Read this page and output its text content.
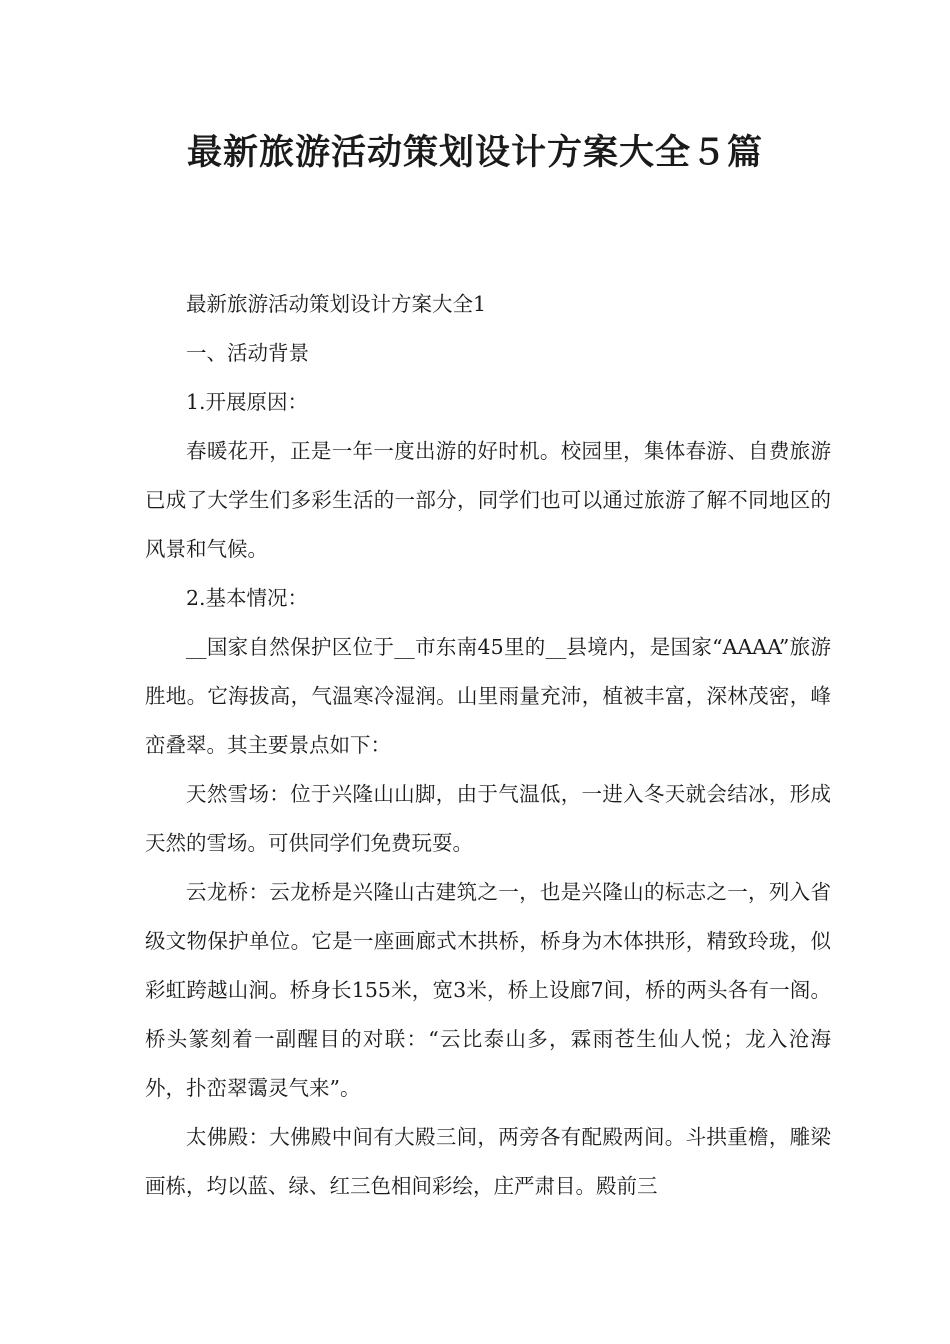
最新旅游活动策划设计方案大全５篇

最新旅游活动策划设计方案大全1

一、活动背景

1.开展原因：

春暖花开，正是一年一度出游的好时机。校园里，集体春游、自费旅游已成了大学生们多彩生活的一部分，同学们也可以通过旅游了解不同地区的风景和气候。

2.基本情况：

__国家自然保护区位于__市东南45里的__县境内，是国家“AAAA”旅游胜地。它海拔高，气温寒冷湿润。山里雨量充沛，植被丰富，深林茂密，峰峦叠翠。其主要景点如下：

天然雪场：位于兴隆山山脚，由于气温低，一进入冬天就会结冰，形成天然的雪场。可供同学们免费玩耍。

云龙桥：云龙桥是兴隆山古建筑之一，也是兴隆山的标志之一，列入省级文物保护单位。它是一座画廊式木拱桥，桥身为木体拱形，精致玲珑，似彩虹跨越山涧。桥身长155米，宽3米，桥上设廊7间，桥的两头各有一阁。桥头篆刻着一副醒目的对联：“云比泰山多，霖雨苍生仙人悦；龙入沧海外，扑峦翠霭灵气来”。

太佛殿：大佛殿中间有大殿三间，两旁各有配殿两间。斗拱重檐，雕梁画栋，均以蓝、绿、红三色相间彩绘，庄严肃目。殿前三
